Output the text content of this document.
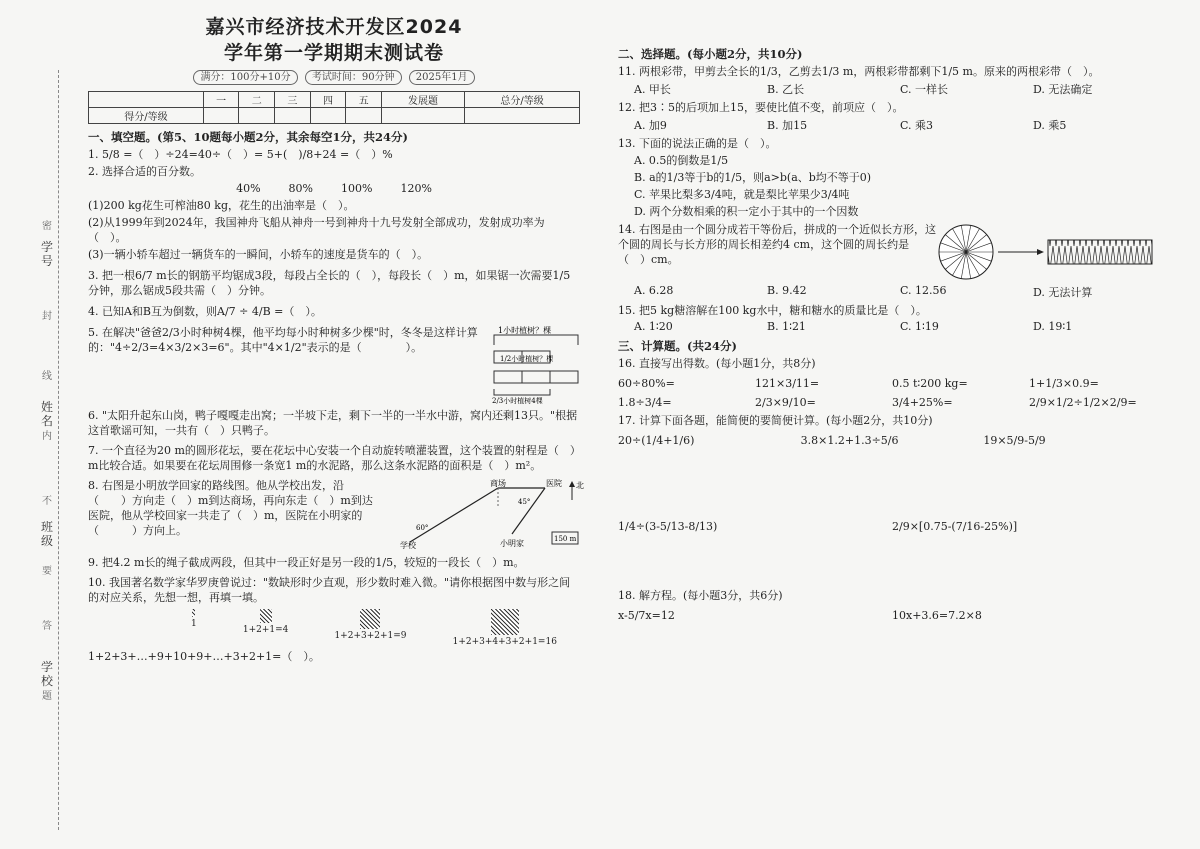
学号
密
封
线
姓名
内
不
班级
要
答
学校
题
嘉兴市经济技术开发区2024
学年第一学期期末测试卷
满分：100分+10分 考试时间：90分钟 2025年1月
	一	二	三	四	五	发展题	总分/等级
得分/等级							
一、填空题。(第5、10题每小题2分，其余每空1分，共24分)
1. 5/8 =（　）÷24=40÷（　）= 5+(　)/8+24 =（　）%
2. 选择合适的百分数。
40%	80%	100%	120%
(1)200 kg花生可榨油80 kg，花生的出油率是（　）。
(2)从1999年到2024年，我国神舟飞船从神舟一号到神舟十九号发射全部成功，发射成功率为（　）。
(3)一辆小轿车超过一辆货车的一瞬间，小轿车的速度是货车的（　）。
3. 把一根6/7 m长的钢筋平均锯成3段，每段占全长的（　），每段长（　）m，如果锯一次需要1/5分钟，那么锯成5段共需（　）分钟。
4. 已知A和B互为倒数，则A/7 ÷ 4/B =（　）。
5. 在解决"爸爸2/3小时种树4棵，他平均每小时种树多少棵"时，冬冬是这样计算的："4÷2/3=4×3/2×3=6"。其中"4×1/2"表示的是（　　　　）。
1小时植树？棵
1/2小时植树？棵
2/3小时植树4棵
6. "太阳升起东山岗，鸭子嘎嘎走出窝；一半坡下走，剩下一半的一半水中游，窝内还剩13只。"根据这首歌谣可知，一共有（　）只鸭子。
7. 一个直径为20 m的圆形花坛，要在花坛中心安装一个自动旋转喷灌装置，这个装置的射程是（　）m比较合适。如果要在花坛周围修一条宽1 m的水泥路，那么这条水泥路的面积是（　）m²。
8. 右图是小明放学回家的路线图。他从学校出发，沿（　　）方向走（　）m到达商场，再向东走（　）m到达医院，他从学校回家一共走了（　）m，医院在小明家的（　　　）方向上。
北
学校
商场	医院
小明家
60°
45°
150 m
9. 把4.2 m长的绳子截成两段，但其中一段正好是另一段的1/5，较短的一段长（　）m。
10. 我国著名数学家华罗庚曾说过："数缺形时少直观，形少数时难入微。"请你根据图中数与形之间的对应关系，先想一想，再填一填。
1
1+2+1=4
1+2+3+2+1=9
1+2+3+4+3+2+1=16
1+2+3+…+9+10+9+…+3+2+1=（　）。
二、选择题。(每小题2分，共10分)
11. 两根彩带，甲剪去全长的1/3，乙剪去1/3 m，两根彩带都剩下1/5 m。原来的两根彩带（　）。
A. 甲长	B. 乙长	C. 一样长	D. 无法确定
12. 把3∶5的后项加上15，要使比值不变，前项应（　）。
A. 加9	B. 加15	C. 乘3	D. 乘5
13. 下面的说法正确的是（　）。
A. 0.5的倒数是1/5
B. a的1/3等于b的1/5，则a>b(a、b均不等于0)
C. 苹果比梨多3/4吨，就是梨比苹果少3/4吨
D. 两个分数相乘的积一定小于其中的一个因数
14. 右图是由一个圆分成若干等份后，拼成的一个近似长方形，这个圆的周长与长方形的周长相差约4 cm，这个圆的周长约是（　）cm。
A. 6.28	B. 9.42	C. 12.56	D. 无法计算
15. 把5 kg糖溶解在100 kg水中，糖和糖水的质量比是（　）。
A. 1∶20	B. 1∶21	C. 1∶19	D. 19∶1
三、计算题。(共24分)
16. 直接写出得数。(每小题1分，共8分)
60÷80%=	121×3/11=	0.5 t∶200 kg=	1+1/3×0.9=
1.8÷3/4=	2/3×9/10=	3/4+25%=	2/9×1/2÷1/2×2/9=
17. 计算下面各题，能简便的要简便计算。(每小题2分，共10分)
20÷(1/4+1/6)	3.8×1.2+1.3÷5/6	19×5/9-5/9
1/4÷(3-5/13-8/13)	2/9×[0.75-(7/16-25%)]
18. 解方程。(每小题3分，共6分)
x-5/7x=12	10x+3.6=7.2×8
